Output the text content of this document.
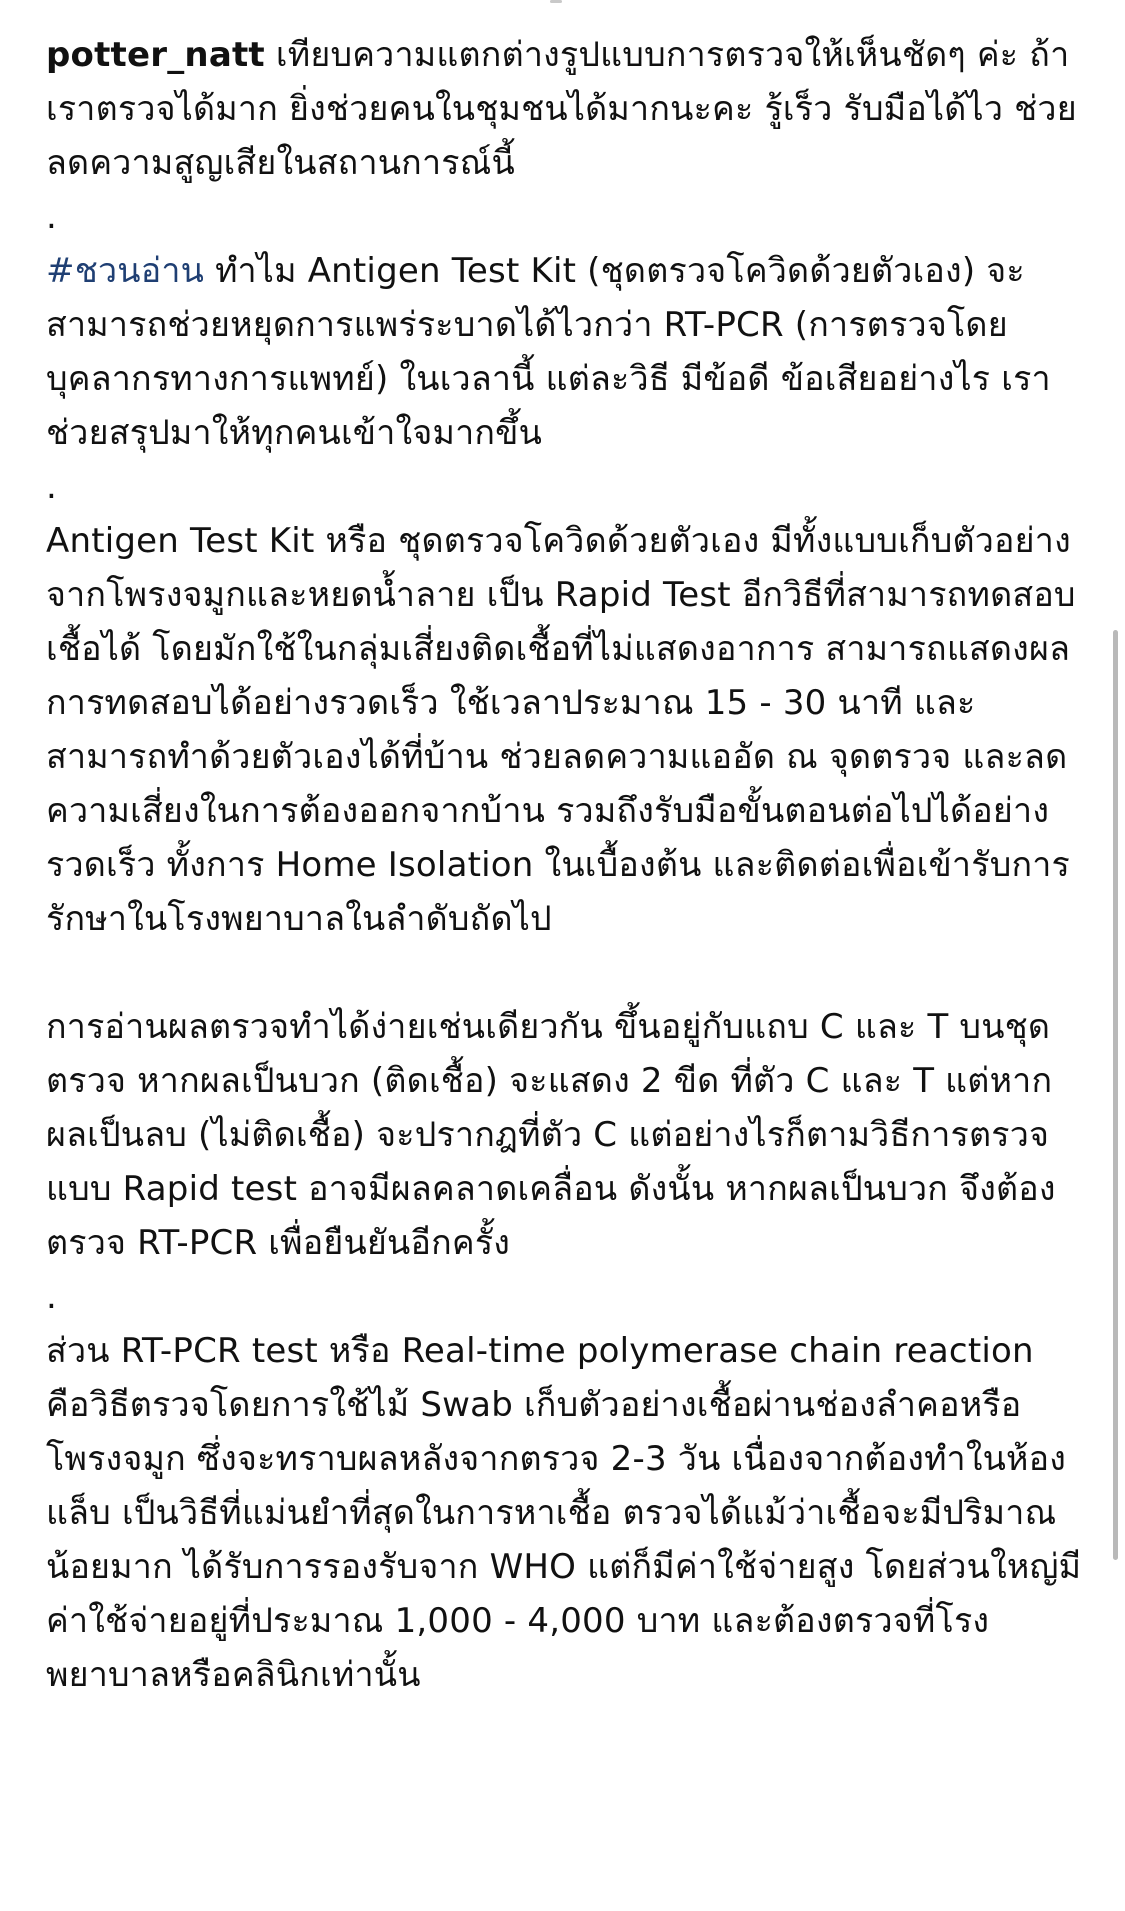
potter_natt เทียบความแตกต่างรูปแบบการตรวจให้เห็นชัดๆ ค่ะ ถ้าเราตรวจได้มาก ยิ่งช่วยคนในชุมชนได้มากนะคะ รู้เร็ว รับมือได้ไว ช่วยลดความสูญเสียในสถานการณ์นี้

.

#ชวนอ่าน ทำไม Antigen Test Kit (ชุดตรวจโควิดด้วยตัวเอง) จะสามารถช่วยหยุดการแพร่ระบาดได้ไวกว่า RT-PCR (การตรวจโดยบุคลากรทางการแพทย์) ในเวลานี้ แต่ละวิธี มีข้อดี ข้อเสียอย่างไร เราช่วยสรุปมาให้ทุกคนเข้าใจมากขึ้น

.

Antigen Test Kit หรือ ชุดตรวจโควิดด้วยตัวเอง มีทั้งแบบเก็บตัวอย่างจากโพรงจมูกและหยดน้ำลาย เป็น Rapid Test อีกวิธีที่สามารถทดสอบเชื้อได้ โดยมักใช้ในกลุ่มเสี่ยงติดเชื้อที่ไม่แสดงอาการ สามารถแสดงผลการทดสอบได้อย่างรวดเร็ว ใช้เวลาประมาณ 15 - 30 นาที และสามารถทำด้วยตัวเองได้ที่บ้าน ช่วยลดความแออัด ณ จุดตรวจ และลดความเสี่ยงในการต้องออกจากบ้าน รวมถึงรับมือขั้นตอนต่อไปได้อย่างรวดเร็ว ทั้งการ Home Isolation ในเบื้องต้น และติดต่อเพื่อเข้ารับการรักษาในโรงพยาบาลในลำดับถัดไป

การอ่านผลตรวจทำได้ง่ายเช่นเดียวกัน ขึ้นอยู่กับแถบ C และ T บนชุดตรวจ หากผลเป็นบวก (ติดเชื้อ) จะแสดง 2 ขีด ที่ตัว C และ T แต่หากผลเป็นลบ (ไม่ติดเชื้อ) จะปรากฎที่ตัว C แต่อย่างไรก็ตามวิธีการตรวจแบบ Rapid test อาจมีผลคลาดเคลื่อน ดังนั้น หากผลเป็นบวก จึงต้องตรวจ RT-PCR เพื่อยืนยันอีกครั้ง

.

ส่วน RT-PCR test หรือ Real-time polymerase chain reaction คือวิธีตรวจโดยการใช้ไม้ Swab เก็บตัวอย่างเชื้อผ่านช่องลำคอหรือโพรงจมูก ซึ่งจะทราบผลหลังจากตรวจ 2-3 วัน เนื่องจากต้องทำในห้องแล็บ เป็นวิธีที่แม่นยำที่สุดในการหาเชื้อ ตรวจได้แม้ว่าเชื้อจะมีปริมาณน้อยมาก ได้รับการรองรับจาก WHO แต่ก็มีค่าใช้จ่ายสูง โดยส่วนใหญ่มีค่าใช้จ่ายอยู่ที่ประมาณ 1,000 - 4,000 บาท และต้องตรวจที่โรงพยาบาลหรือคลินิกเท่านั้น
